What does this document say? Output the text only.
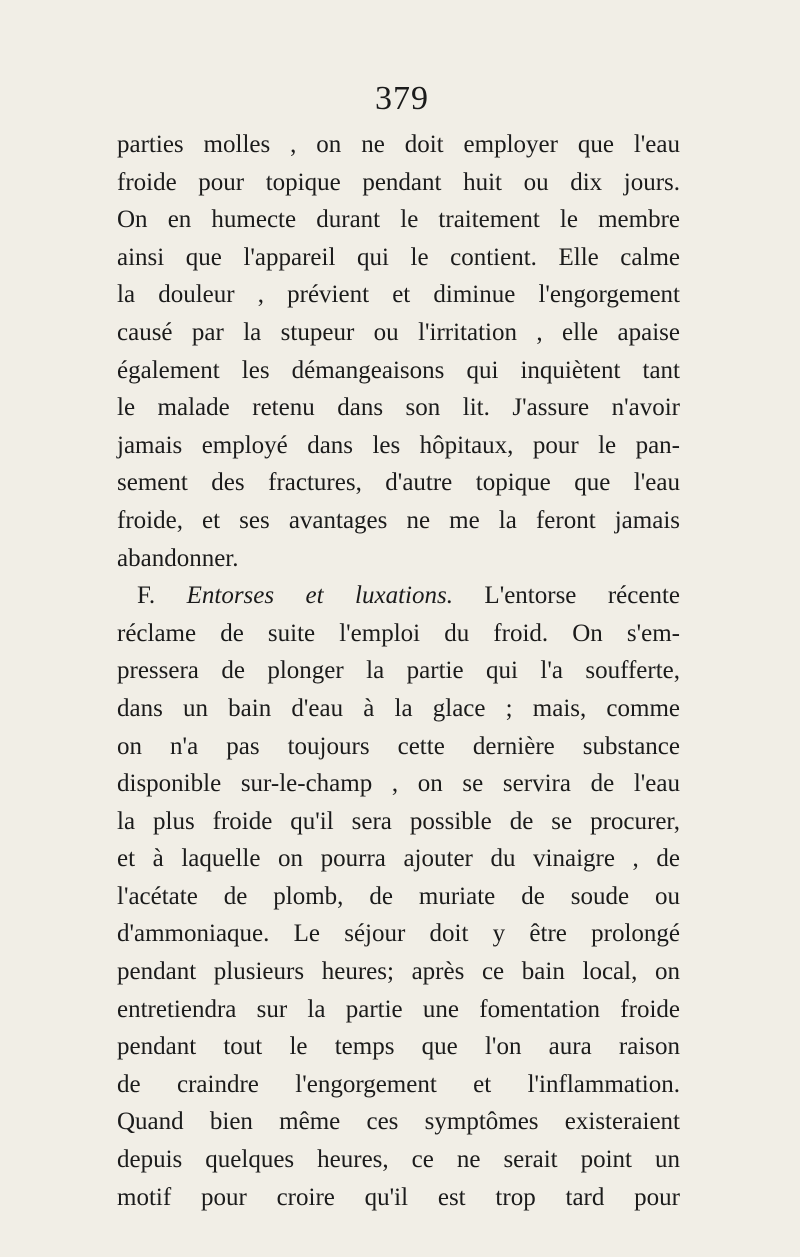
379
parties molles , on ne doit employer que l'eau
froide pour topique pendant huit ou dix jours.
On en humecte durant le traitement le membre
ainsi que l'appareil qui le contient. Elle calme
la douleur , prévient et diminue l'engorgement
causé par la stupeur ou l'irritation , elle apaise
également les démangeaisons qui inquiètent tant
le malade retenu dans son lit. J'assure n'avoir
jamais employé dans les hôpitaux, pour le pan-
sement des fractures, d'autre topique que l'eau
froide, et ses avantages ne me la feront jamais
abandonner.
F. Entorses et luxations. L'entorse récente
réclame de suite l'emploi du froid. On s'em-
pressera de plonger la partie qui l'a soufferte,
dans un bain d'eau à la glace ; mais, comme
on n'a pas toujours cette dernière substance
disponible sur-le-champ , on se servira de l'eau
la plus froide qu'il sera possible de se procurer,
et à laquelle on pourra ajouter du vinaigre , de
l'acétate de plomb, de muriate de soude ou
d'ammoniaque. Le séjour doit y être prolongé
pendant plusieurs heures; après ce bain local, on
entretiendra sur la partie une fomentation froide
pendant tout le temps que l'on aura raison
de craindre l'engorgement et l'inflammation.
Quand bien même ces symptômes existeraient
depuis quelques heures, ce ne serait point un
motif pour croire qu'il est trop tard pour
